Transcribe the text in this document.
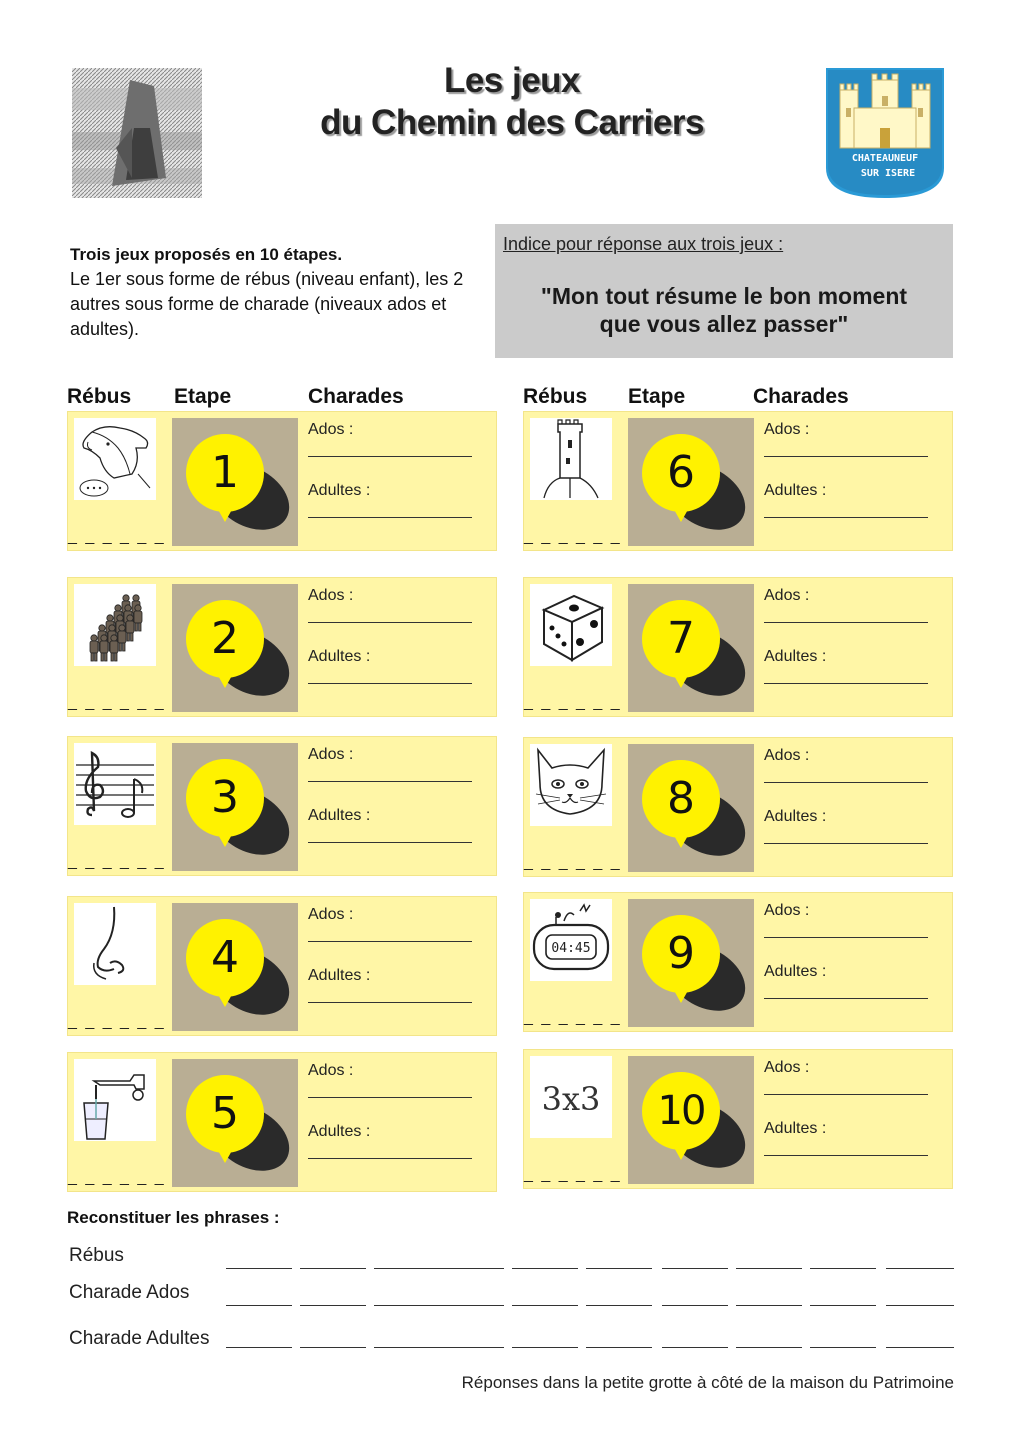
Les jeux
du Chemin des Carriers
CHATEAUNEUF
SUR ISERE
Trois jeux proposés en 10 étapes.
Le 1er sous forme de rébus (niveau enfant), les 2 autres sous forme de charade (niveaux ados et adultes).
Indice pour réponse aux trois jeux :
"Mon tout résume le bon moment
que vous allez passer"
Rébus Etape	Charades	Rébus Etape	Charades
_ _ _ _ _ _
1
Ados :
Adultes :
_ _ _ _ _ _
2
Ados :
Adultes :
_ _ _ _ _ _
3
Ados :
Adultes :
_ _ _ _ _ _
4
Ados :
Adultes :
_ _ _ _ _ _
5
Ados :
Adultes :
_ _ _ _ _ _
6
Ados :
Adultes :
_ _ _ _ _ _
7
Ados :
Adultes :
_ _ _ _ _ _
8
Ados :
Adultes :
04:45
_ _ _ _ _ _
9
Ados :
Adultes :
3x3
_ _ _ _ _ _
10
Ados :
Adultes :
Reconstituer les phrases :
Rébus
Charade Ados
Charade Adultes
Réponses dans la petite grotte à côté de la maison du Patrimoine
